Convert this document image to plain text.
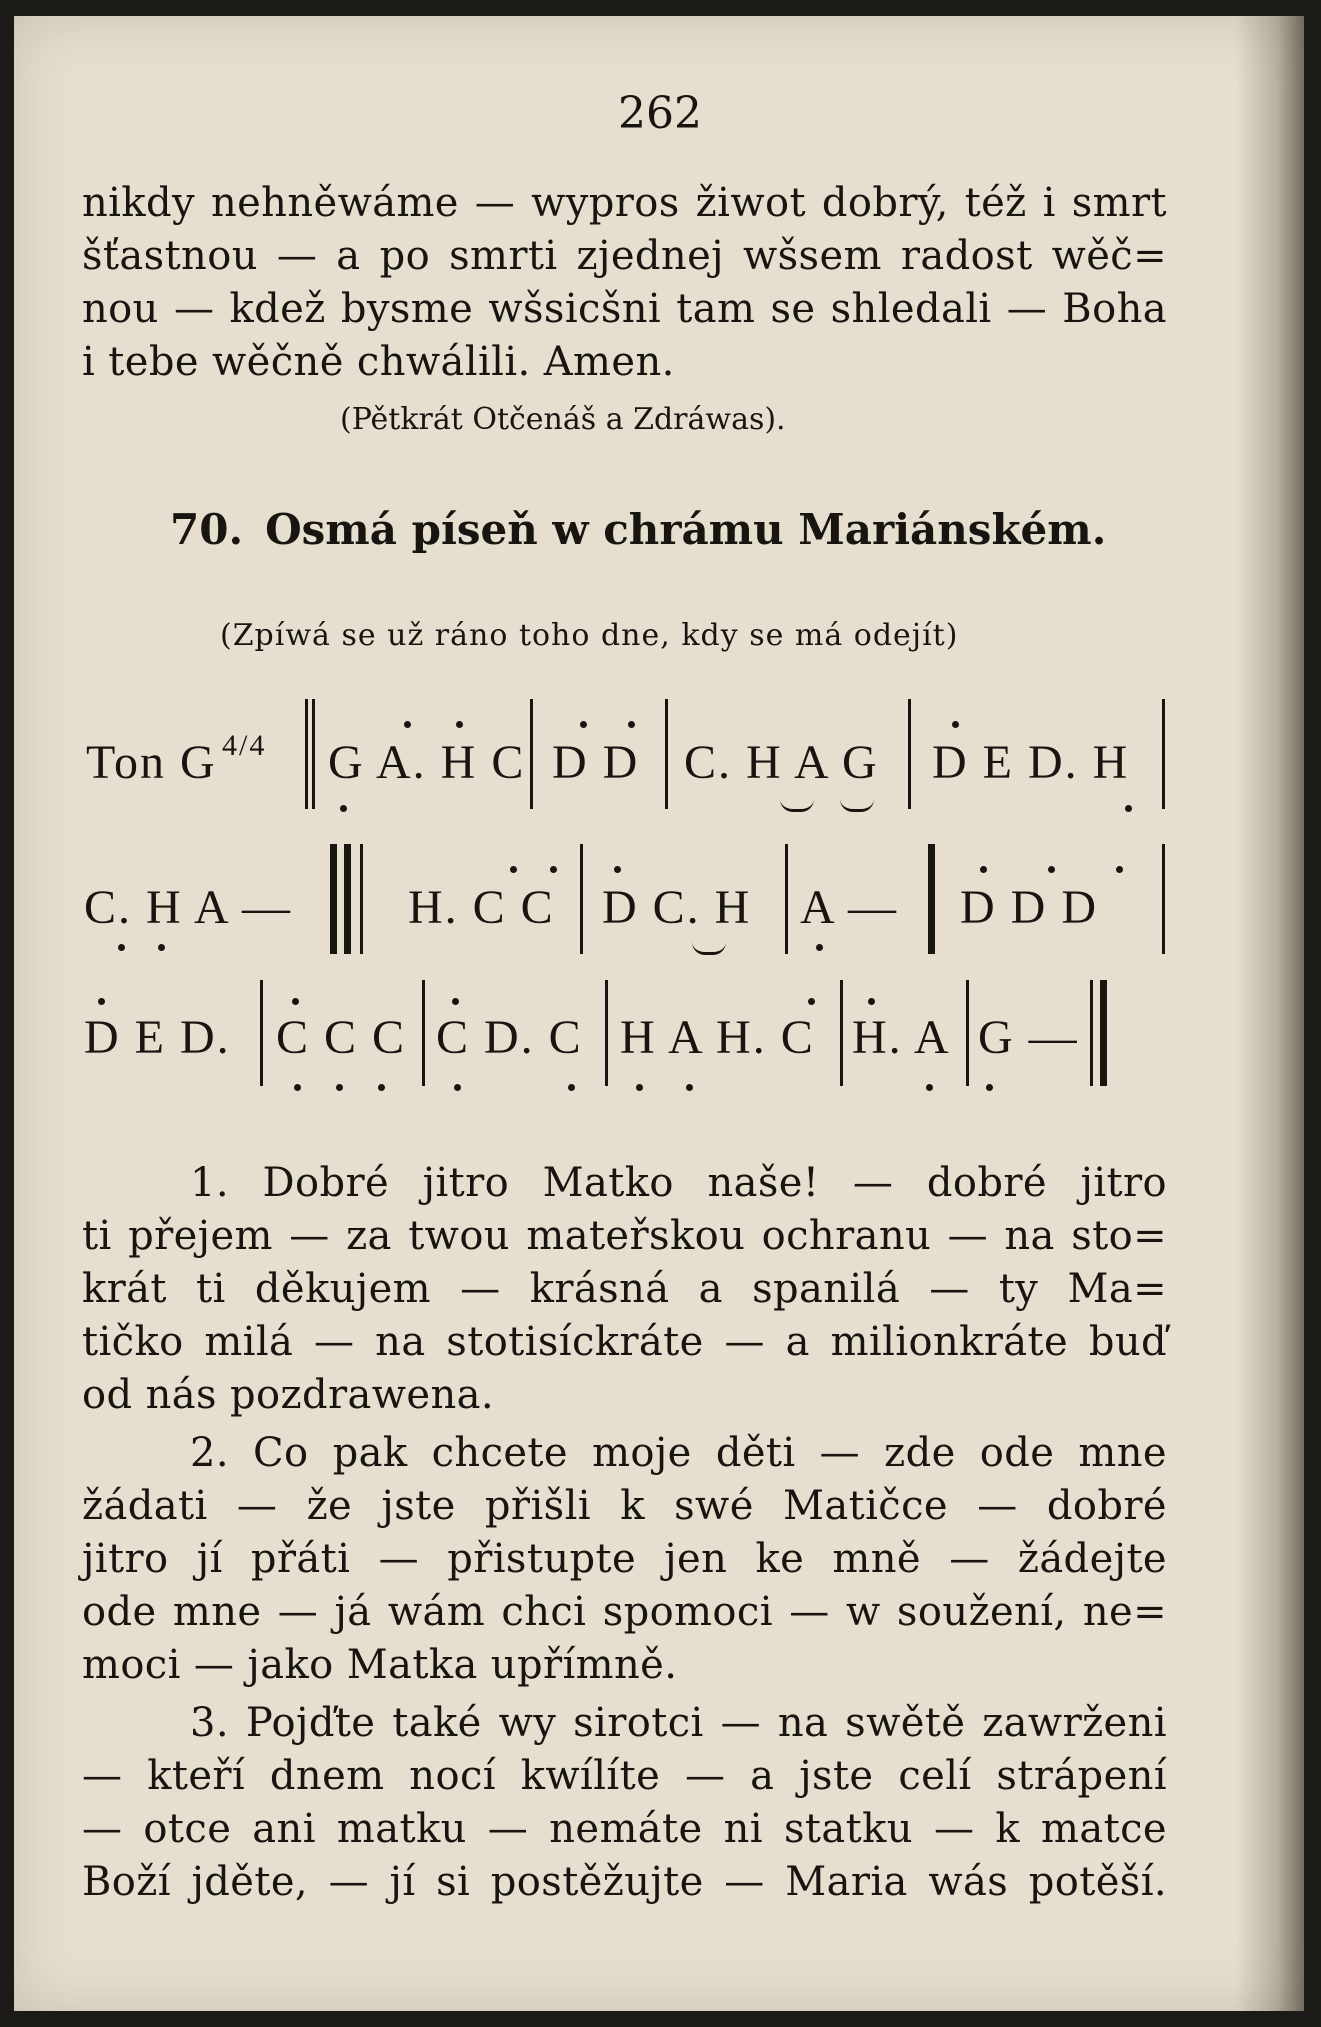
262
nikdy nehněwáme — wypros žiwot dobrý, též i smrt
šťastnou — a po smrti zjednej wšsem radost wěč=
nou — kdež bysme wšsicšni tam se shledali — Boha
i tebe wěčně chwálili. Amen.
(Pětkrát Otčenáš a Zdráwas).
70. Osmá píseň w chrámu Mariánském.
(Zpíwá se už ráno toho dne, kdy se má odejít)
Ton G 4/4 G A. H C D D C. H A G D E D. H
C. H A — H. C C D C. H A — D D D
D E D. C C C C D. C H A H. C H. A G —
1. Dobré jitro Matko naše! — dobré jitro
ti přejem — za twou mateřskou ochranu — na sto=
krát ti děkujem — krásná a spanilá — ty Ma=
tičko milá — na stotisíckráte — a milionkráte buď
od nás pozdrawena.
2. Co pak chcete moje děti — zde ode mne
žádati — že jste přišli k swé Matičce — dobré
jitro jí přáti — přistupte jen ke mně — žádejte
ode mne — já wám chci spomoci — w soužení, ne=
moci — jako Matka upřímně.
3. Pojďte také wy sirotci — na swětě zawrženi
— kteří dnem nocí kwílíte — a jste celí strápení
— otce ani matku — nemáte ni statku — k matce
Boží jděte, — jí si postěžujte — Maria wás potěší.
